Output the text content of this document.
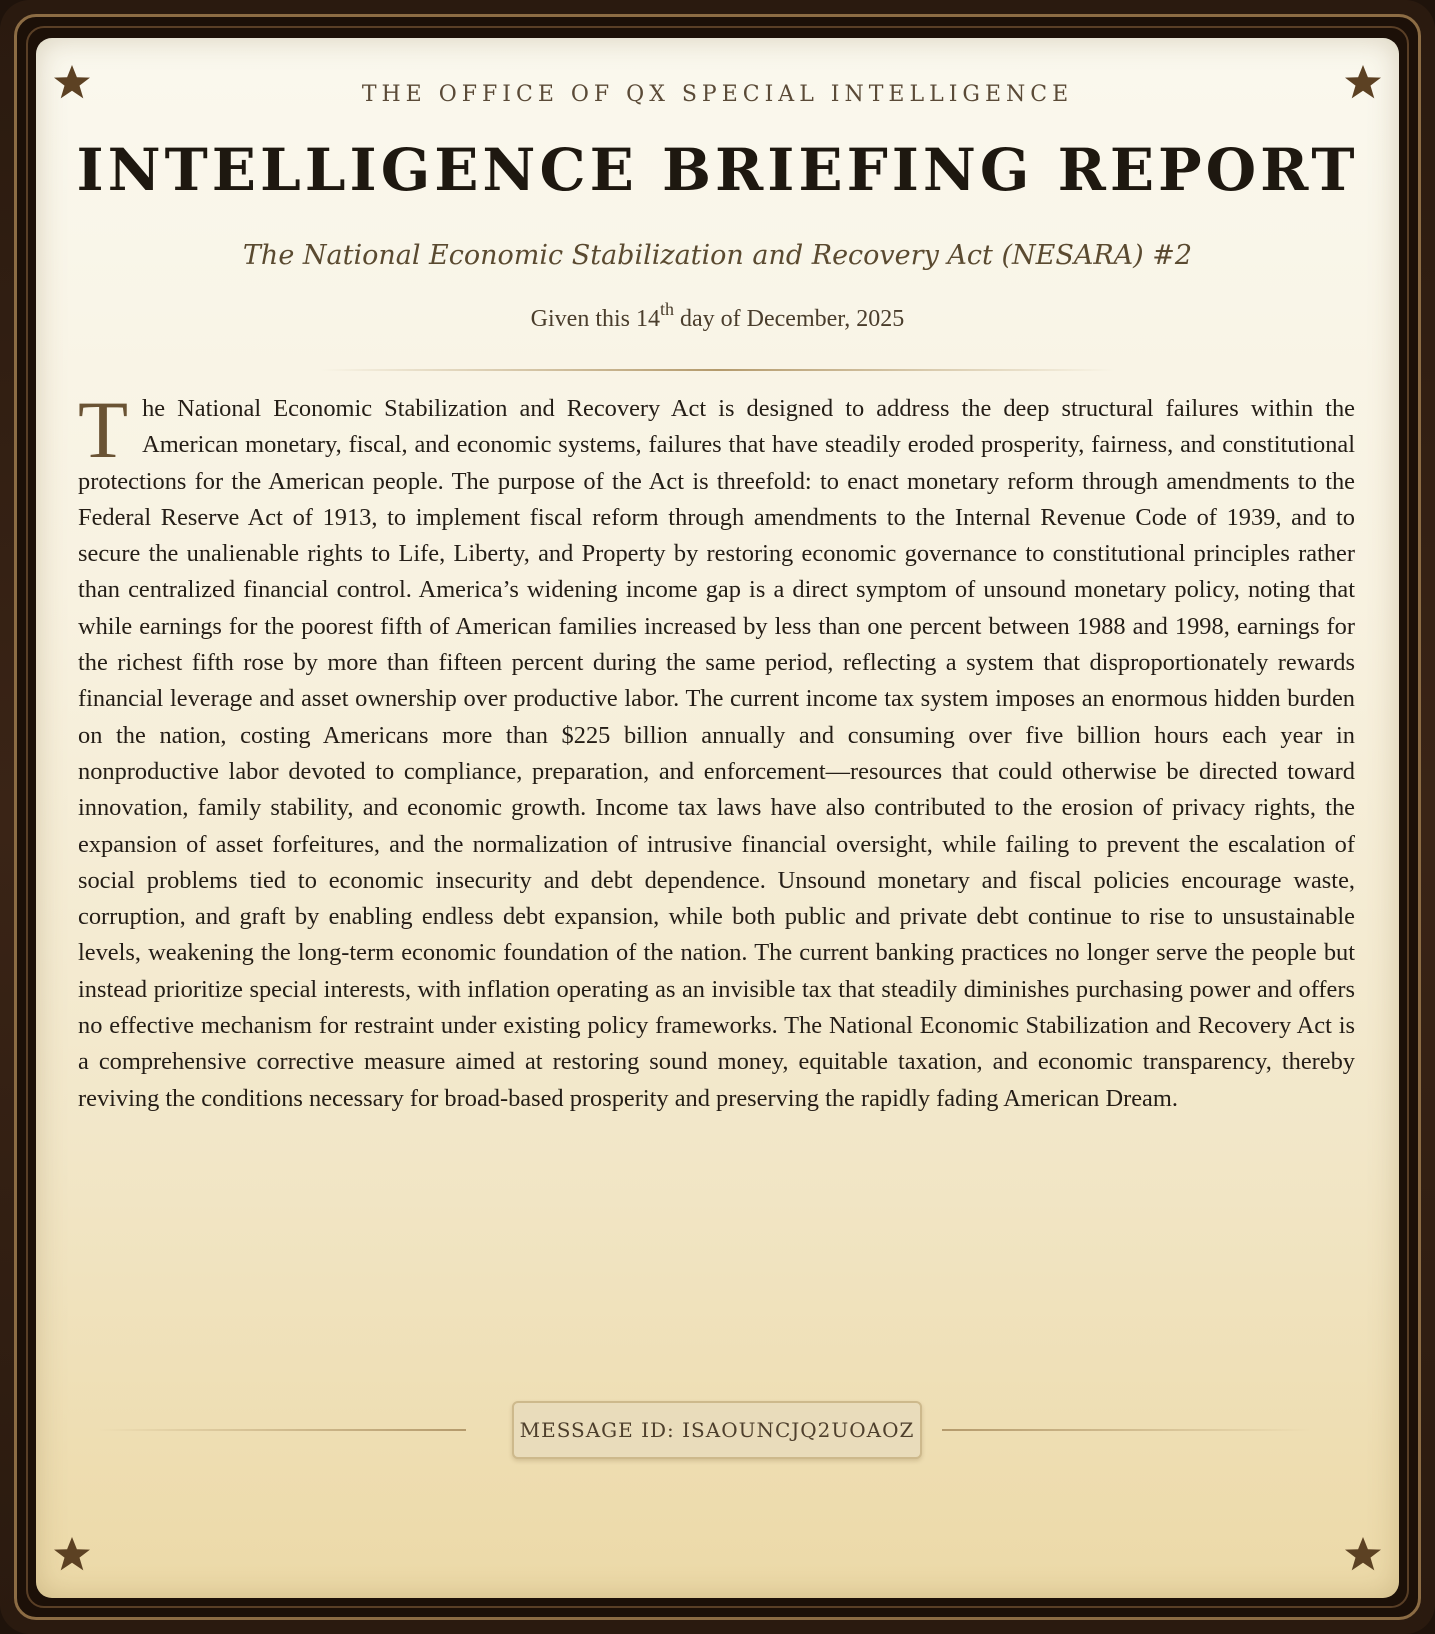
THE OFFICE OF QX SPECIAL INTELLIGENCE
INTELLIGENCE BRIEFING REPORT
The National Economic Stabilization and Recovery Act (NESARA) #2
Given this 14th day of December, 2025
The National Economic Stabilization and Recovery Act is designed to address the deep structural failures within the American monetary, fiscal, and economic systems, failures that have steadily eroded prosperity, fairness, and constitutional protections for the American people. The purpose of the Act is threefold: to enact monetary reform through amendments to the Federal Reserve Act of 1913, to implement fiscal reform through amendments to the Internal Revenue Code of 1939, and to secure the unalienable rights to Life, Liberty, and Property by restoring economic governance to constitutional principles rather than centralized financial control. America’s widening income gap is a direct symptom of unsound monetary policy, noting that while earnings for the poorest fifth of American families increased by less than one percent between 1988 and 1998, earnings for the richest fifth rose by more than fifteen percent during the same period, reflecting a system that disproportionately rewards financial leverage and asset ownership over productive labor. The current income tax system imposes an enormous hidden burden on the nation, costing Americans more than $225 billion annually and consuming over five billion hours each year in nonproductive labor devoted to compliance, preparation, and enforcement—resources that could otherwise be directed toward innovation, family stability, and economic growth. Income tax laws have also contributed to the erosion of privacy rights, the expansion of asset forfeitures, and the normalization of intrusive financial oversight, while failing to prevent the escalation of social problems tied to economic insecurity and debt dependence. Unsound monetary and fiscal policies encourage waste, corruption, and graft by enabling endless debt expansion, while both public and private debt continue to rise to unsustainable levels, weakening the long-term economic foundation of the nation. The current banking practices no longer serve the people but instead prioritize special interests, with inflation operating as an invisible tax that steadily diminishes purchasing power and offers no effective mechanism for restraint under existing policy frameworks. The National Economic Stabilization and Recovery Act is a comprehensive corrective measure aimed at restoring sound money, equitable taxation, and economic transparency, thereby reviving the conditions necessary for broad-based prosperity and preserving the rapidly fading American Dream.
MESSAGE ID: ISAOUNCJQ2UOAOZ
